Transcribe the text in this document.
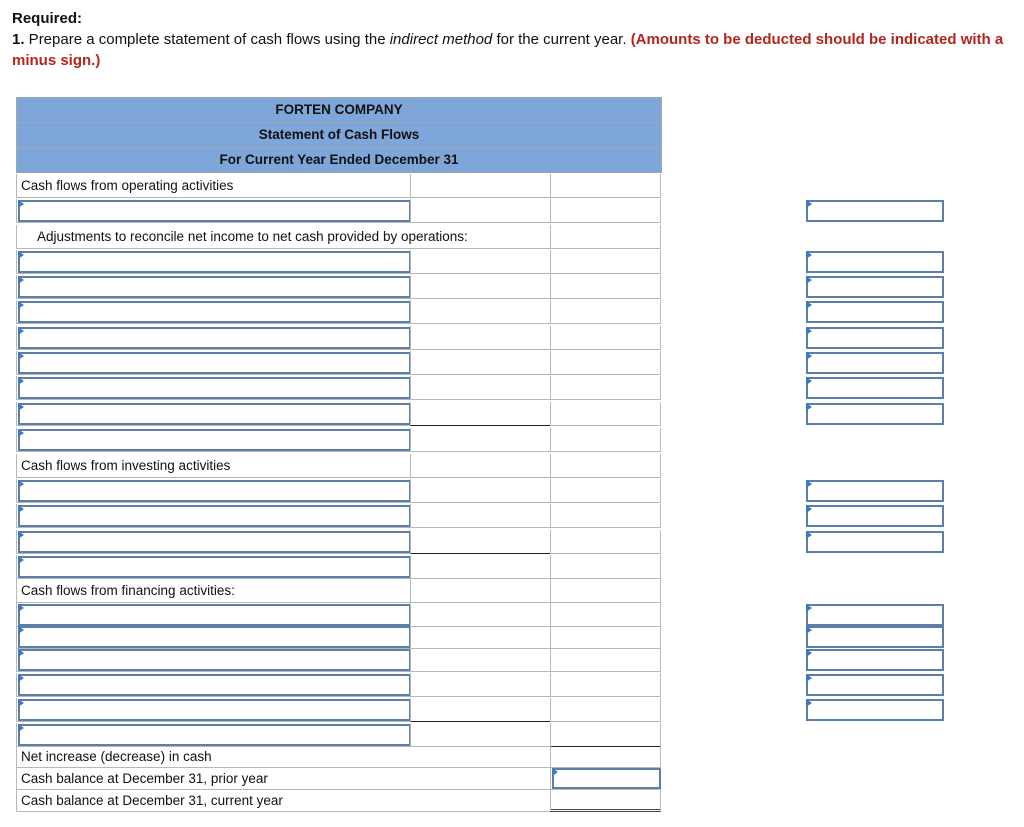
Required:
1. Prepare a complete statement of cash flows using the indirect method for the current year. (Amounts to be deducted should be indicated with a minus sign.)
FORTEN COMPANY
Statement of Cash Flows
For Current Year Ended December 31
Cash flows from operating activities
Adjustments to reconcile net income to net cash provided by operations:
Cash flows from investing activities
Cash flows from financing activities:
Net increase (decrease) in cash
Cash balance at December 31, prior year
Cash balance at December 31, current year
